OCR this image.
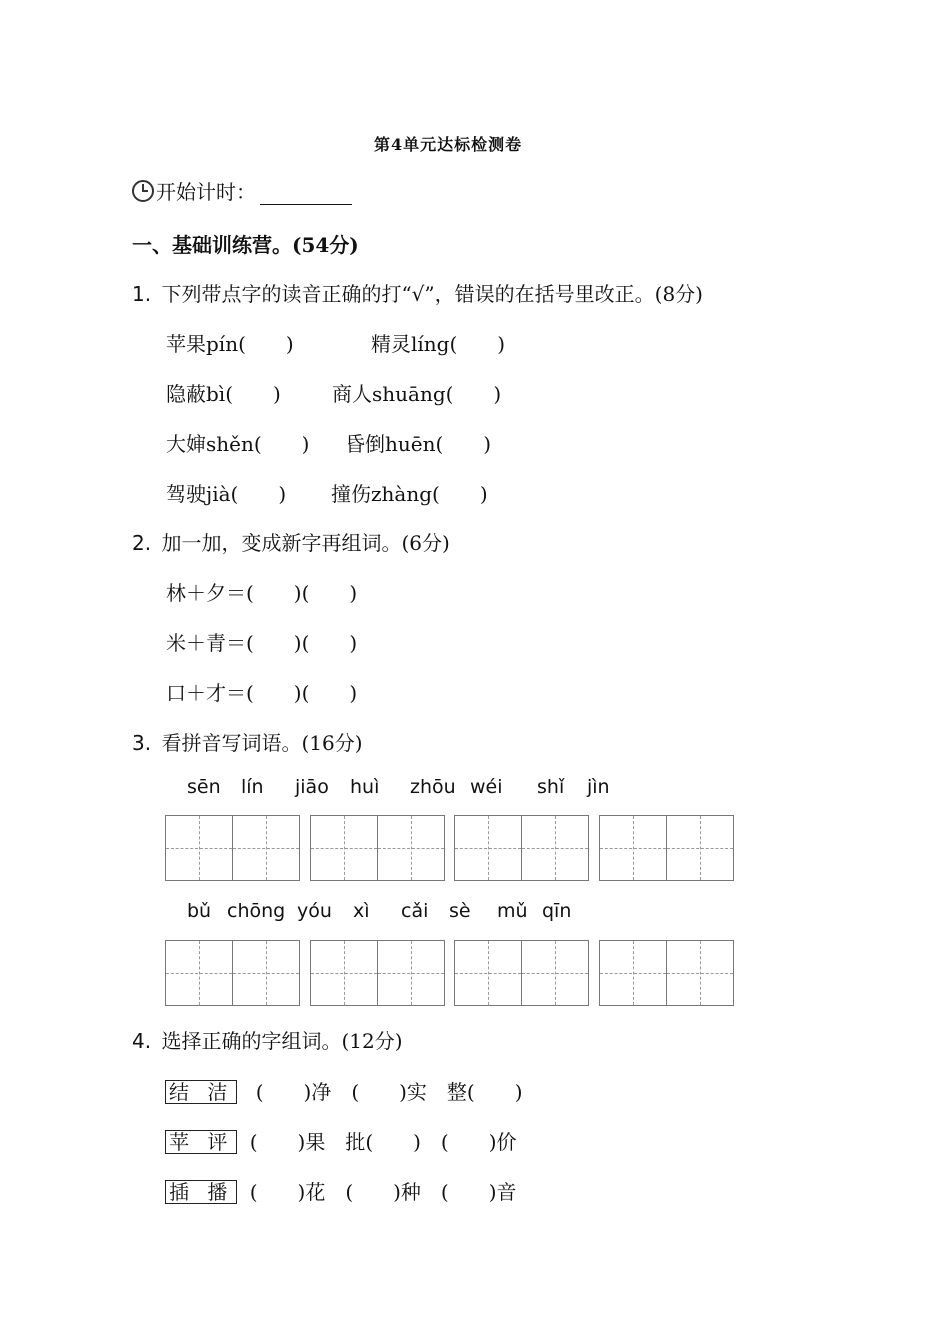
第4单元达标检测卷
开始计时：
一、基础训练营。(54分)
1. 下列带点字的读音正确的打“√”，错误的在括号里改正。(8分)
苹果pín(　　)	精灵líng(　　)
隐蔽bì(　　)	商人shuāng(　　)
大婶shěn(　　) 昏倒huēn(　　)
驾驶jià(　　) 撞伤zhàng(　　)
2. 加一加，变成新字再组词。(6分)
林＋夕＝(　　)(　　)
米＋青＝(　　)(　　)
口＋才＝(　　)(　　)
3. 看拼音写词语。(16分)
sēn lín jiāo huì zhōu wéi shǐ jìn
bǔ chōng yóu xì cǎi sè mǔ qīn
4. 选择正确的字组词。(12分)
结 洁 (　　)净　(　　)实　整(　　)
苹 评 (　　)果　批(　　)　(　　)价
插 播 (　　)花　(　　)种　(　　)音
